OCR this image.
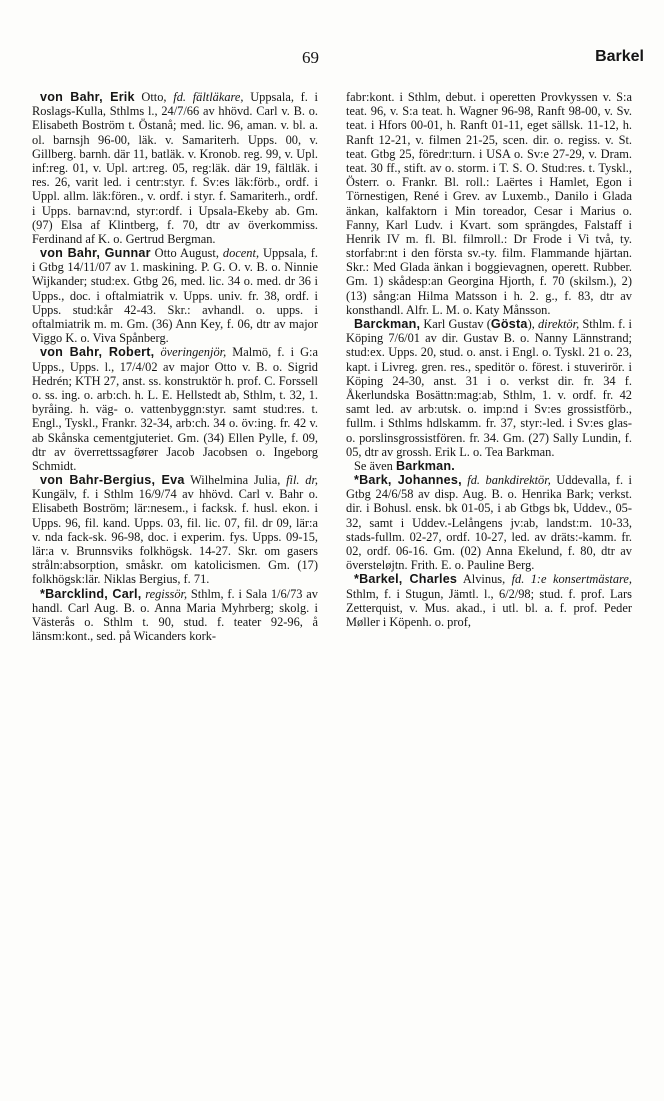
69	Barkel

von Bahr, Erik Otto, fd. fältläkare, Uppsala, f. i Roslags-Kulla, Sthlms l., 24/7/66 av hhövd. Carl v. B. o. Elisabeth Boström t. Östanå; med. lic. 96, aman. v. bl. a. ol. barnsjh 96-00, läk. v. Samariterh. Upps. 00, v. Gillberg. barnh. där 11, batläk. v. Kronob. reg. 99, v. Upl. inf:reg. 01, v. Upl. art:reg. 05, reg:läk. där 19, fältläk. i res. 26, varit led. i centr:styr. f. Sv:es läk:förb., ordf. i Uppl. allm. läk:fören., v. ordf. i styr. f. Samariterh., ordf. i Upps. barnav:nd, styr:ordf. i Upsala-Ekeby ab. Gm. (97) Elsa af Klintberg, f. 70, dtr av överkommiss. Ferdinand af K. o. Gertrud Bergman.

von Bahr, Gunnar Otto August, docent, Uppsala, f. i Gtbg 14/11/07 av 1. maskining. P. G. O. v. B. o. Ninnie Wijkander; stud:ex. Gtbg 26, med. lic. 34 o. med. dr 36 i Upps., doc. i oftalmiatrik v. Upps. univ. fr. 38, ordf. i Upps. stud:kår 42-43. Skr.: avhandl. o. upps. i oftalmiatrik m. m. Gm. (36) Ann Key, f. 06, dtr av major Viggo K. o. Viva Spånberg.

von Bahr, Robert, överingenjör, Malmö, f. i G:a Upps., Upps. l., 17/4/02 av major Otto v. B. o. Sigrid Hedrén; KTH 27, anst. ss. konstruktör h. prof. C. Forssell o. ss. ing. o. arb:ch. h. L. E. Hellstedt ab, Sthlm, t. 32, 1. byråing. h. väg- o. vattenbyggn:styr. samt stud:res. t. Engl., Tyskl., Frankr. 32-34, arb:ch. 34 o. öv:ing. fr. 42 v. ab Skånska cementgjuteriet. Gm. (34) Ellen Pylle, f. 09, dtr av överrettssagfører Jacob Jacobsen o. Ingeborg Schmidt.

von Bahr-Bergius, Eva Wilhelmina Julia, fil. dr, Kungälv, f. i Sthlm 16/9/74 av hhövd. Carl v. Bahr o. Elisabeth Boström; lär:nesem., i facksk. f. husl. ekon. i Upps. 96, fil. kand. Upps. 03, fil. lic. 07, fil. dr 09, lär:a v. nda fack-sk. 96-98, doc. i experim. fys. Upps. 09-15, lär:a v. Brunnsviks folkhögsk. 14-27. Skr. om gasers stråln:absorption, småskr. om katolicismen. Gm. (17) folkhögsk:lär. Niklas Bergius, f. 71.

*Barcklind, Carl, regissör, Sthlm, f. i Sala 1/6/73 av handl. Carl Aug. B. o. Anna Maria Myhrberg; skolg. i Västerås o. Sthlm t. 90, stud. f. teater 92-96, å länsm:kont., sed. på Wicanders kork-

fabr:kont. i Sthlm, debut. i operetten Provkyssen v. S:a teat. 96, v. S:a teat. h. Wagner 96-98, Ranft 98-00, v. Sv. teat. i Hfors 00-01, h. Ranft 01-11, eget sällsk. 11-12, h. Ranft 12-21, v. filmen 21-25, scen. dir. o. regiss. v. St. teat. Gtbg 25, föredr:turn. i USA o. Sv:e 27-29, v. Dram. teat. 30 ff., stift. av o. storm. i T. S. O. Stud:res. t. Tyskl., Österr. o. Frankr. Bl. roll.: Laërtes i Hamlet, Egon i Törnestigen, René i Grev. av Luxemb., Danilo i Glada änkan, kalfaktorn i Min toreador, Cesar i Marius o. Fanny, Karl Ludv. i Kvart. som sprängdes, Falstaff i Henrik IV m. fl. Bl. filmroll.: Dr Frode i Vi två, ty. storfabr:nt i den första sv.-ty. film. Flammande hjärtan. Skr.: Med Glada änkan i boggievagnen, operett. Rubber. Gm. 1) skådesp:an Georgina Hjorth, f. 70 (skilsm.), 2) (13) sång:an Hilma Matsson i h. 2. g., f. 83, dtr av konsthandl. Alfr. L. M. o. Katy Månsson.

Barckman, Karl Gustav (Gösta), direktör, Sthlm. f. i Köping 7/6/01 av dir. Gustav B. o. Nanny Lännstrand; stud:ex. Upps. 20, stud. o. anst. i Engl. o. Tyskl. 21 o. 23, kapt. i Livreg. gren. res., speditör o. förest. i stuverirör. i Köping 24-30, anst. 31 i o. verkst dir. fr. 34 f. Åkerlundska Bosättn:mag:ab, Sthlm, 1. v. ordf. fr. 42 samt led. av arb:utsk. o. imp:nd i Sv:es grossistförb., fullm. i Sthlms hdlskamm. fr. 37, styr:-led. i Sv:es glas- o. porslinsgrossistfören. fr. 34. Gm. (27) Sally Lundin, f. 05, dtr av grossh. Erik L. o. Tea Barkman.

Se även Barkman.

*Bark, Johannes, fd. bankdirektör, Uddevalla, f. i Gtbg 24/6/58 av disp. Aug. B. o. Henrika Bark; verkst. dir. i Bohusl. ensk. bk 01-05, i ab Gtbgs bk, Uddev., 05-32, samt i Uddev.-Lelångens jv:ab, landst:m. 10-33, stads-fullm. 02-27, ordf. 10-27, led. av dräts:-kamm. fr. 02, ordf. 06-16. Gm. (02) Anna Ekelund, f. 80, dtr av översteløjtn. Frith. E. o. Pauline Berg.

*Barkel, Charles Alvinus, fd. 1:e konsertmästare, Sthlm, f. i Stugun, Jämtl. l., 6/2/98; stud. f. prof. Lars Zetterquist, v. Mus. akad., i utl. bl. a. f. prof. Peder Møller i Köpenh. o. prof,
